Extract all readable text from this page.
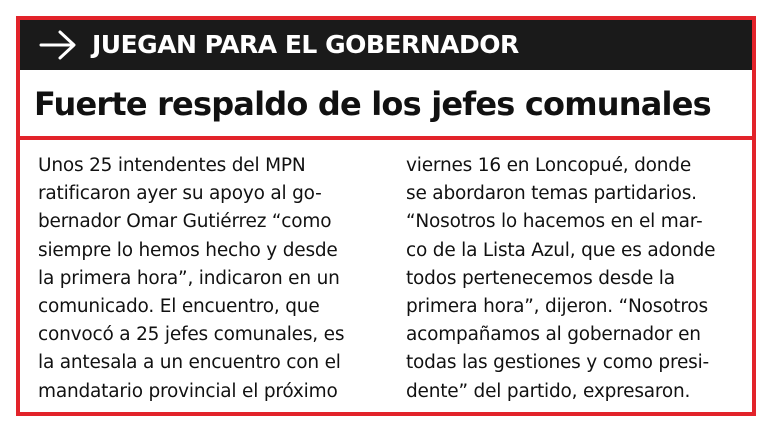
JUEGAN PARA EL GOBERNADOR
Fuerte respaldo de los jefes comunales
Unos 25 intendentes del MPN
ratificaron ayer su apoyo al go-
bernador Omar Gutiérrez “como
siempre lo hemos hecho y desde
la primera hora”, indicaron en un
comunicado. El encuentro, que
convocó a 25 jefes comunales, es
la antesala a un encuentro con el
mandatario provincial el próximo
viernes 16 en Loncopué, donde
se abordaron temas partidarios.
“Nosotros lo hacemos en el mar-
co de la Lista Azul, que es adonde
todos pertenecemos desde la
primera hora”, dijeron. “Nosotros
acompañamos al gobernador en
todas las gestiones y como presi-
dente” del partido, expresaron.
